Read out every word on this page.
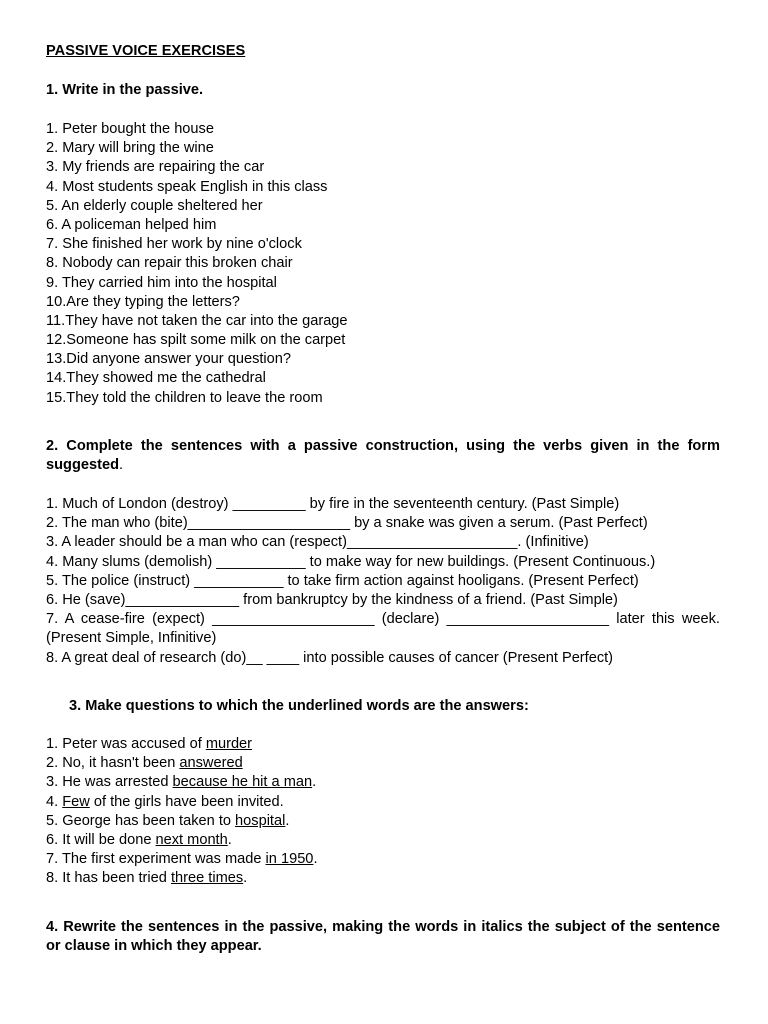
PASSIVE VOICE EXERCISES
1. Write in the passive.
1. Peter bought the house
2. Mary will bring the wine
3. My friends are repairing the car
4. Most students speak English in this class
5. An elderly couple sheltered her
6. A policeman helped him
7. She finished her work by nine o'clock
8. Nobody can repair this broken chair
9. They carried him into the hospital
10.Are they typing the letters?
11.They have not taken the car into the garage
12.Someone has spilt some milk on the carpet
13.Did anyone answer your question?
14.They showed me the cathedral
15.They told the children to leave the room
2. Complete the sentences with a passive construction, using the verbs given in the form suggested.
1. Much of London (destroy) _________ by fire in the seventeenth century. (Past Simple)
2. The man who (bite)____________________ by a snake was given a serum. (Past Perfect)
3. A leader should be a man who can (respect)_____________________. (Infinitive)
4. Many slums (demolish) ___________ to make way for new buildings. (Present Continuous.)
5. The police (instruct) ___________ to take firm action against hooligans. (Present Perfect)
6. He (save)______________ from bankruptcy by the kindness of a friend. (Past Simple)
7. A cease-fire (expect) ____________________ (declare) ____________________ later this week. (Present Simple, Infinitive)
8. A great deal of research (do)__ ____ into possible causes of cancer (Present Perfect)
3. Make questions to which the underlined words are the answers:
1. Peter was accused of murder
2. No, it hasn't been answered
3. He was arrested because he hit a man.
4. Few of the girls have been invited.
5. George has been taken to hospital.
6. It will be done next month.
7. The first experiment was made in 1950.
8. It has been tried three times.
4. Rewrite the sentences in the passive, making the words in italics the subject of the sentence or clause in which they appear.
